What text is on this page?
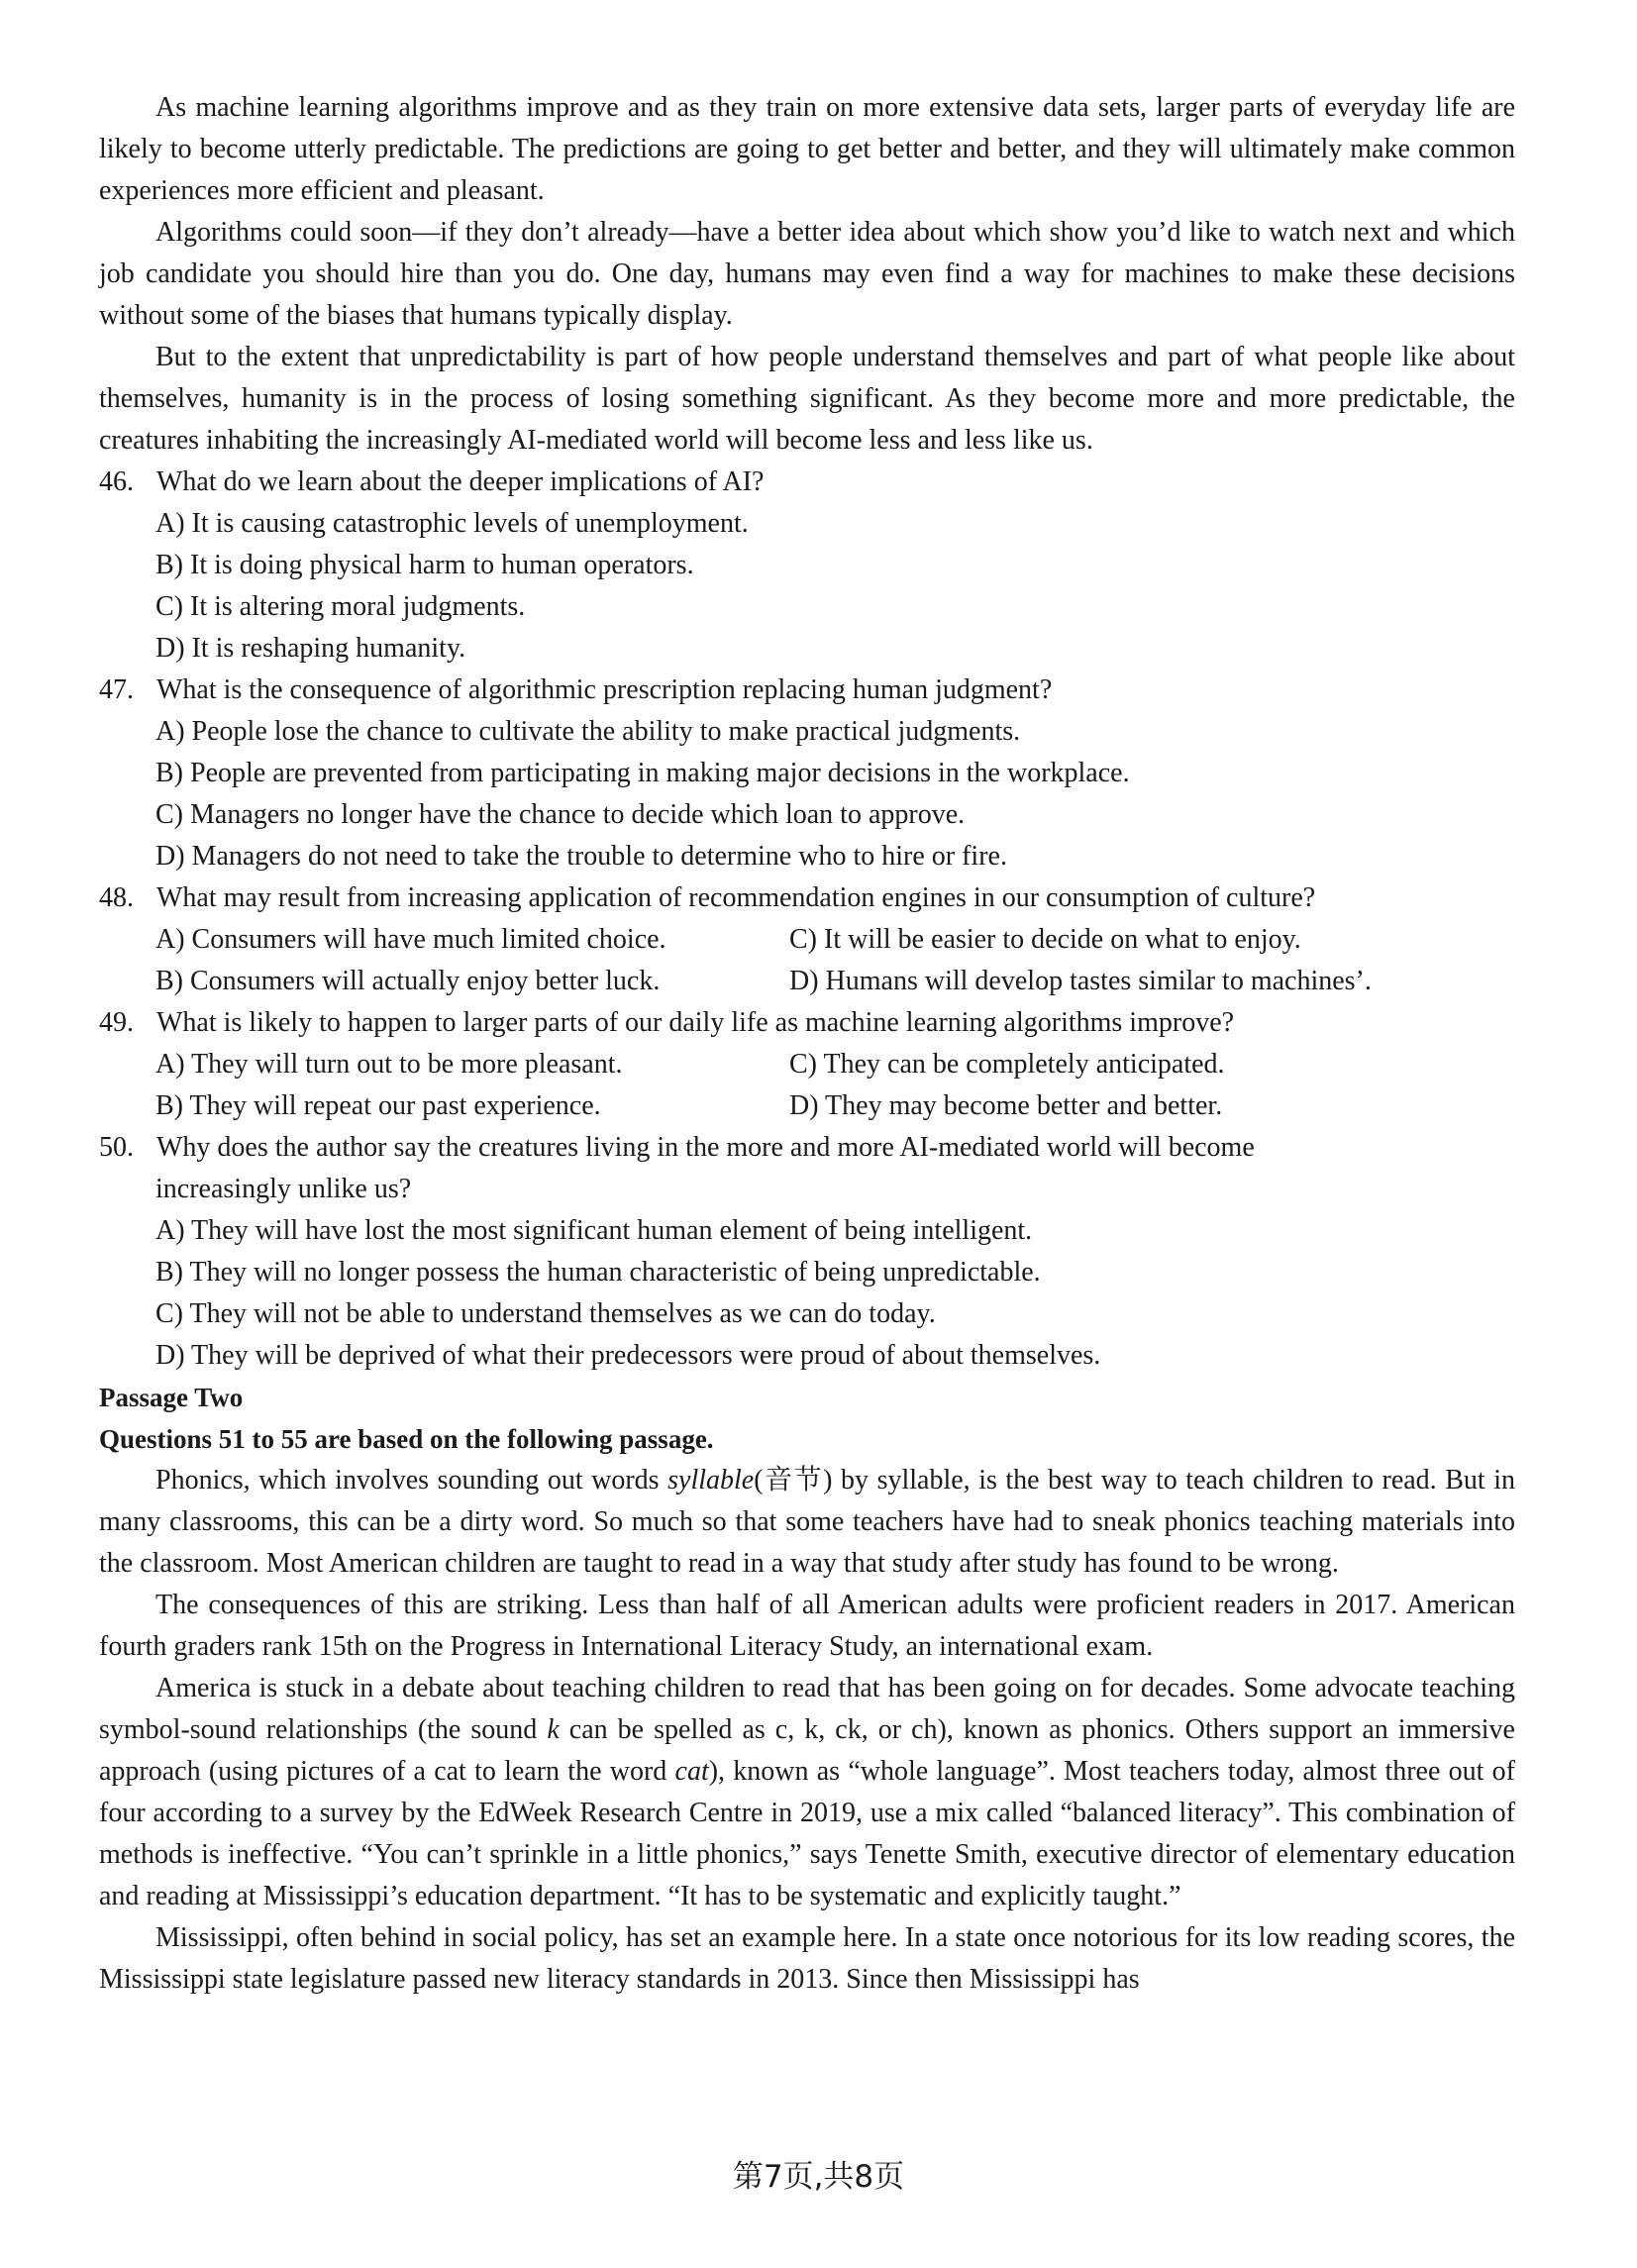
As machine learning algorithms improve and as they train on more extensive data sets, larger parts of everyday life are likely to become utterly predictable. The predictions are going to get better and better, and they will ultimately make common experiences more efficient and pleasant.

Algorithms could soon—if they don’t already—have a better idea about which show you’d like to watch next and which job candidate you should hire than you do. One day, humans may even find a way for machines to make these decisions without some of the biases that humans typically display.

But to the extent that unpredictability is part of how people understand themselves and part of what people like about themselves, humanity is in the process of losing something significant. As they become more and more predictable, the creatures inhabiting the increasingly AI-mediated world will become less and less like us.

46. What do we learn about the deeper implications of AI?

A) It is causing catastrophic levels of unemployment.

B) It is doing physical harm to human operators.

C) It is altering moral judgments.

D) It is reshaping humanity.

47. What is the consequence of algorithmic prescription replacing human judgment?

A) People lose the chance to cultivate the ability to make practical judgments.

B) People are prevented from participating in making major decisions in the workplace.

C) Managers no longer have the chance to decide which loan to approve.

D) Managers do not need to take the trouble to determine who to hire or fire.

48. What may result from increasing application of recommendation engines in our consumption of culture?

A) Consumers will have much limited choice.	C) It will be easier to decide on what to enjoy.
B) Consumers will actually enjoy better luck.	D) Humans will develop tastes similar to machines’.

49. What is likely to happen to larger parts of our daily life as machine learning algorithms improve?

A) They will turn out to be more pleasant.	C) They can be completely anticipated.
B) They will repeat our past experience.	D) They may become better and better.

50. Why does the author say the creatures living in the more and more AI-mediated world will become

increasingly unlike us?

A) They will have lost the most significant human element of being intelligent.

B) They will no longer possess the human characteristic of being unpredictable.

C) They will not be able to understand themselves as we can do today.

D) They will be deprived of what their predecessors were proud of about themselves.

Passage Two

Questions 51 to 55 are based on the following passage.

Phonics, which involves sounding out words syllable(音节) by syllable, is the best way to teach children to read. But in many classrooms, this can be a dirty word. So much so that some teachers have had to sneak phonics teaching materials into the classroom. Most American children are taught to read in a way that study after study has found to be wrong.

The consequences of this are striking. Less than half of all American adults were proficient readers in 2017. American fourth graders rank 15th on the Progress in International Literacy Study, an international exam.

America is stuck in a debate about teaching children to read that has been going on for decades. Some advocate teaching symbol-sound relationships (the sound k can be spelled as c, k, ck, or ch), known as phonics. Others support an immersive approach (using pictures of a cat to learn the word cat), known as “whole language”. Most teachers today, almost three out of four according to a survey by the EdWeek Research Centre in 2019, use a mix called “balanced literacy”. This combination of methods is ineffective. “You can’t sprinkle in a little phonics,” says Tenette Smith, executive director of elementary education and reading at Mississippi’s education department. “It has to be systematic and explicitly taught.”

Mississippi, often behind in social policy, has set an example here. In a state once notorious for its low reading scores, the Mississippi state legislature passed new literacy standards in 2013. Since then Mississippi has

第7页,共8页
